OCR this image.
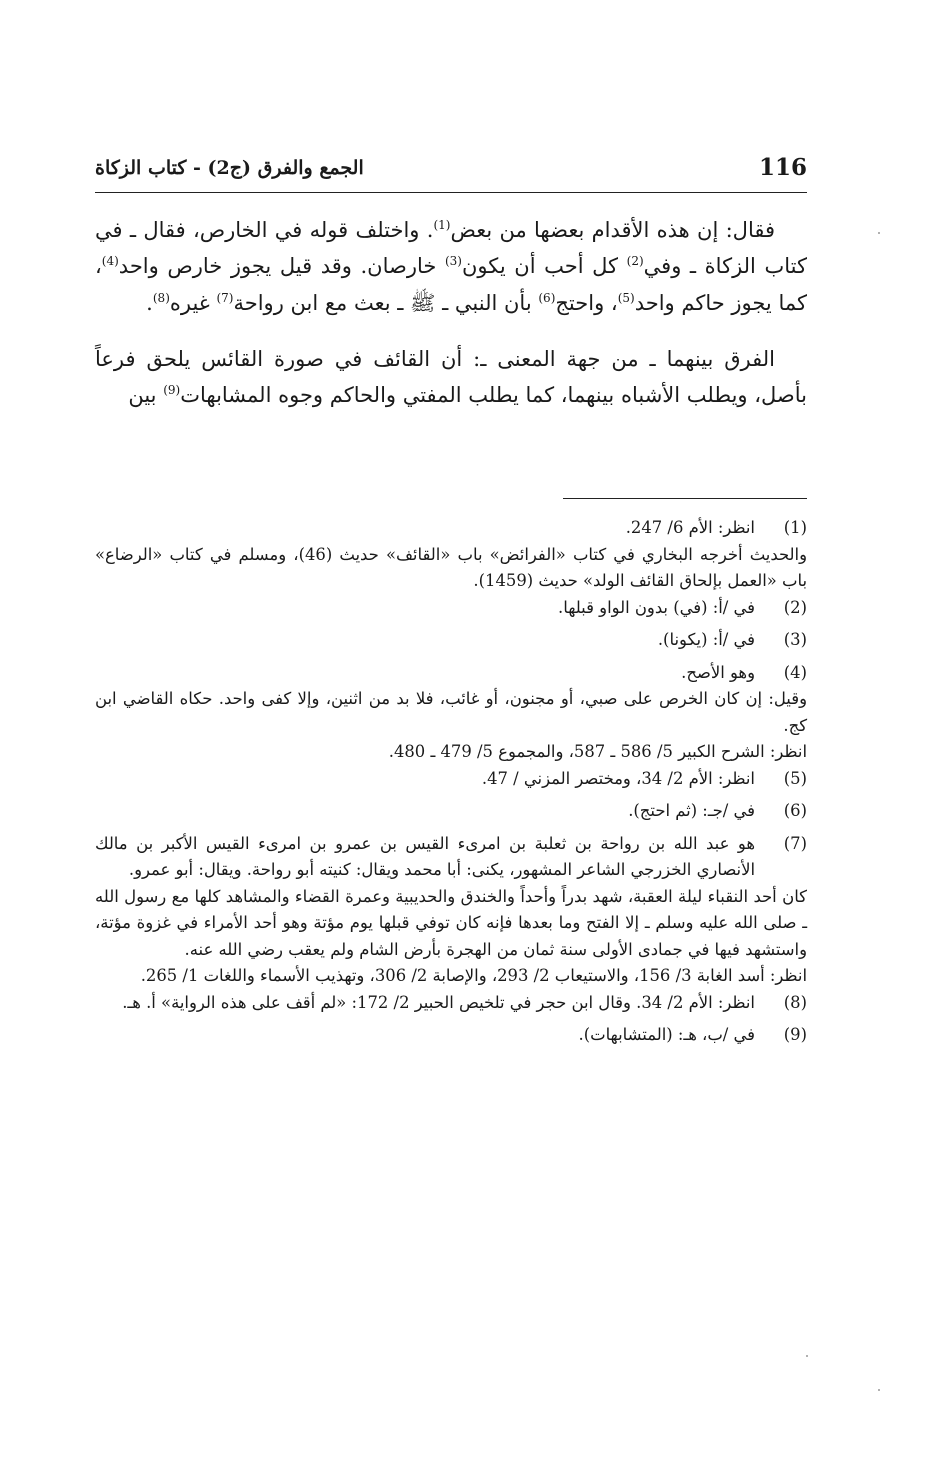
116
الجمع والفرق (ج2) - كتاب الزكاة

فقال: إن هذه الأقدام بعضها من بعض$^{(1)}$. واختلف قوله في الخارص، فقال ـ في كتاب الزكاة ـ وفي$^{(2)}$ كل أحب أن يكون$^{(3)}$ خارصان. وقد قيل يجوز خارص واحد$^{(4)}$، كما يجوز حاكم واحد$^{(5)}$، واحتج$^{(6)}$ بأن النبي ـ ﷺ ـ بعث مع ابن رواحة$^{(7)}$ غيره$^{(8)}$.

الفرق بينهما ـ من جهة المعنى ـ: أن القائف في صورة القائس يلحق فرعاً بأصل، ويطلب الأشباه بينهما، كما يطلب المفتي والحاكم وجوه المشابهات$^{(9)}$ بين

(1)
انظر: الأم 6/ 247.
والحديث أخرجه البخاري في كتاب «الفرائض» باب «القائف» حديث (46)، ومسلم في كتاب «الرضاع» باب «العمل بإلحاق القائف الولد» حديث (1459).
(2)
في /أ: (في) بدون الواو قبلها.
(3)
في /أ: (يكونا).
(4)
وهو الأصح.
وقيل: إن كان الخرص على صبي، أو مجنون، أو غائب، فلا بد من اثنين، وإلا كفى واحد. حكاه القاضي ابن كج.
انظر: الشرح الكبير 5/ 586 ـ 587، والمجموع 5/ 479 ـ 480.
(5)
انظر: الأم 2/ 34، ومختصر المزني / 47.
(6)
في /جـ: (ثم احتج).
(7)
هو عبد الله بن رواحة بن ثعلبة بن امرىء القيس بن عمرو بن امرىء القيس الأكبر بن مالك الأنصاري الخزرجي الشاعر المشهور، يكنى: أبا محمد ويقال: كنيته أبو رواحة. ويقال: أبو عمرو.
كان أحد النقباء ليلة العقبة، شهد بدراً وأحداً والخندق والحديبية وعمرة القضاء والمشاهد كلها مع رسول الله ـ صلى الله عليه وسلم ـ إلا الفتح وما بعدها فإنه كان توفي قبلها يوم مؤتة وهو أحد الأمراء في غزوة مؤتة، واستشهد فيها في جمادى الأولى سنة ثمان من الهجرة بأرض الشام ولم يعقب رضي الله عنه.
انظر: أسد الغابة 3/ 156، والاستيعاب 2/ 293، والإصابة 2/ 306، وتهذيب الأسماء واللغات 1/ 265.
(8)
انظر: الأم 2/ 34. وقال ابن حجر في تلخيص الحبير 2/ 172: «لم أقف على هذه الرواية» أ. هـ.
(9)
في /ب، هـ: (المتشابهات).
